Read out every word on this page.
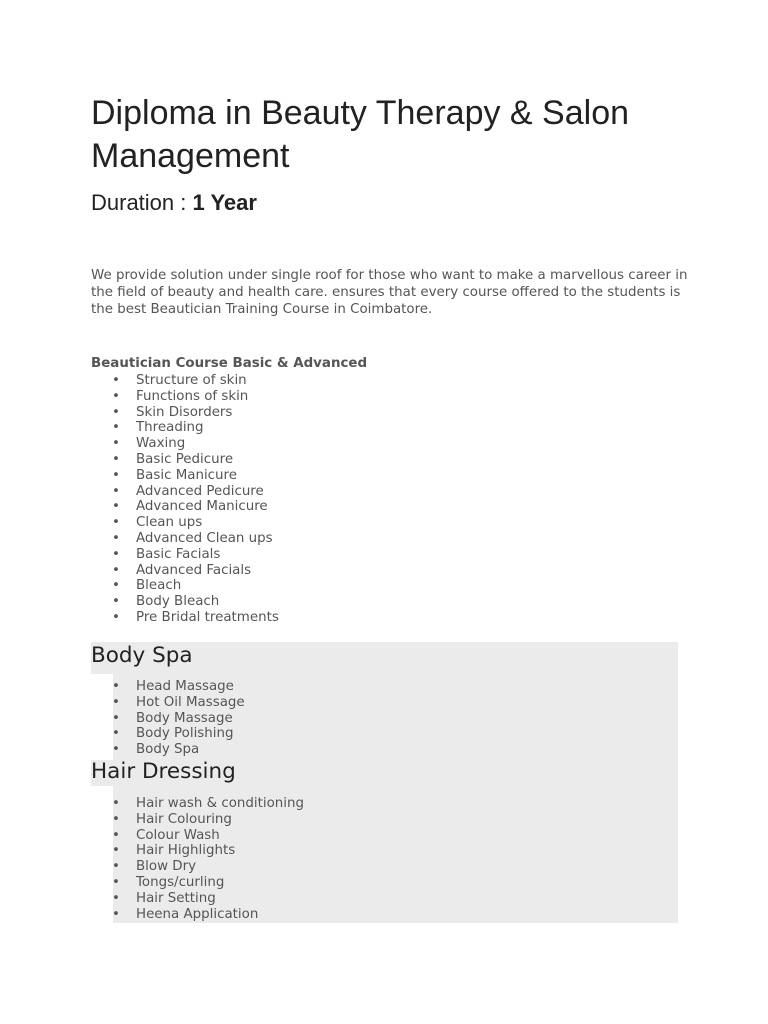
Diploma in Beauty Therapy & Salon Management
Duration : 1 Year

We provide solution under single roof for those who want to make a marvellous career in the field of beauty and health care. ensures that every course offered to the students is the best Beautician Training Course in Coimbatore.

Beautician Course Basic & Advanced

• Structure of skin
• Functions of skin
• Skin Disorders
• Threading
• Waxing
• Basic Pedicure
• Basic Manicure
• Advanced Pedicure
• Advanced Manicure
• Clean ups
• Advanced Clean ups
• Basic Facials
• Advanced Facials
• Bleach
• Body Bleach
• Pre Bridal treatments
Body Spa
• Head Massage
• Hot Oil Massage
• Body Massage
• Body Polishing
• Body Spa
Hair Dressing
• Hair wash & conditioning
• Hair Colouring
• Colour Wash
• Hair Highlights
• Blow Dry
• Tongs/curling
• Hair Setting
• Heena Application
